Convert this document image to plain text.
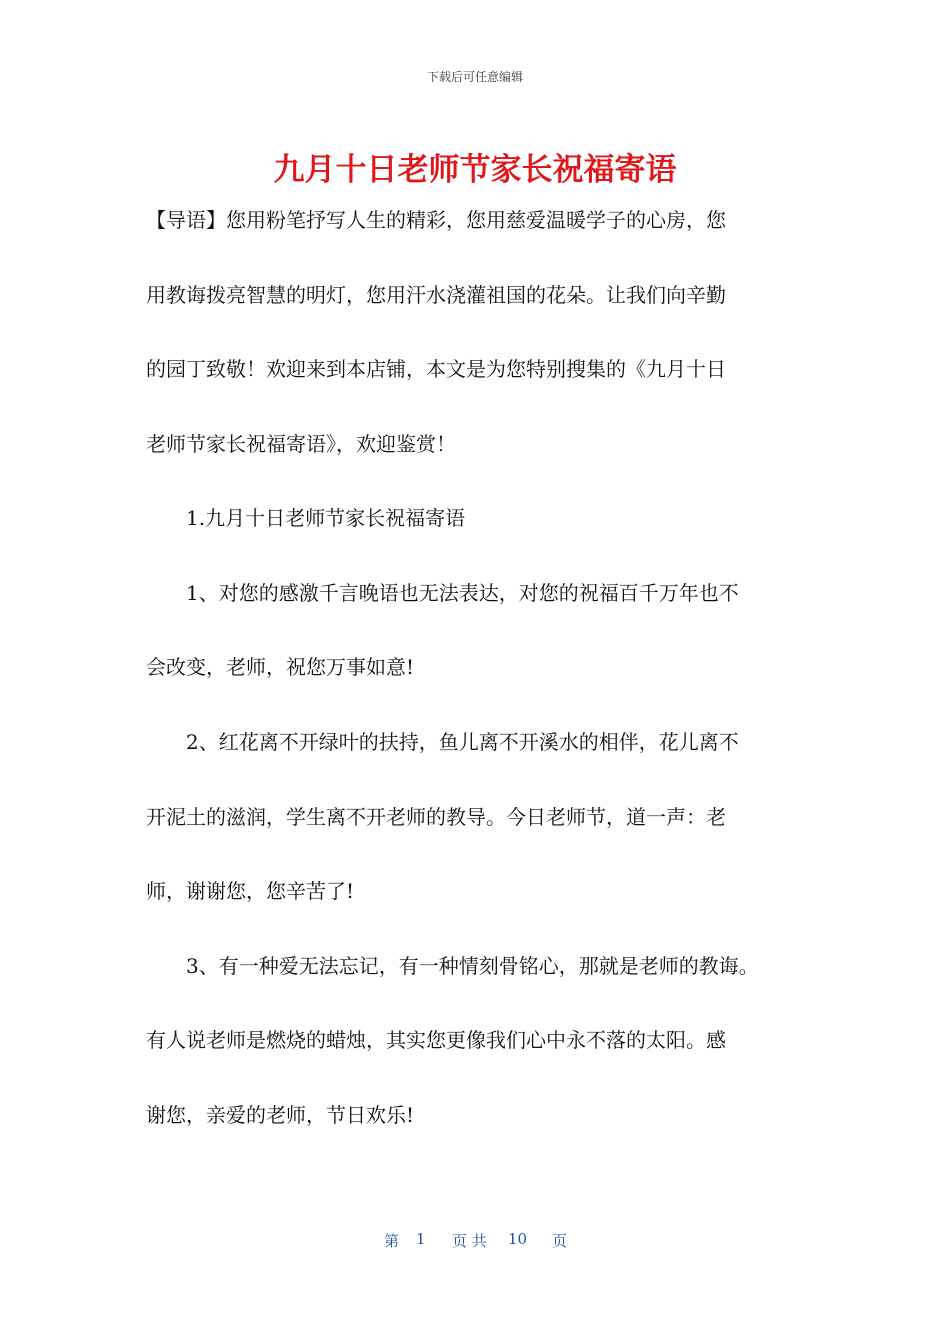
下载后可任意编辑
九月十日老师节家长祝福寄语
【导语】您用粉笔抒写人生的精彩，您用慈爱温暖学子的心房，您
用教诲拨亮智慧的明灯，您用汗水浇灌祖国的花朵。让我们向辛勤
的园丁致敬！欢迎来到本店铺，本文是为您特别搜集的《九月十日
老师节家长祝福寄语》，欢迎鉴赏！
1.九月十日老师节家长祝福寄语
1、对您的感激千言晚语也无法表达，对您的祝福百千万年也不
会改变，老师，祝您万事如意!
2、红花离不开绿叶的扶持，鱼儿离不开溪水的相伴，花儿离不
开泥土的滋润，学生离不开老师的教导。今日老师节，道一声：老
师，谢谢您，您辛苦了!
3、有一种爱无法忘记，有一种情刻骨铭心，那就是老师的教诲。
有人说老师是燃烧的蜡烛，其实您更像我们心中永不落的太阳。感
谢您，亲爱的老师，节日欢乐!
第 1 页 共 10 页
